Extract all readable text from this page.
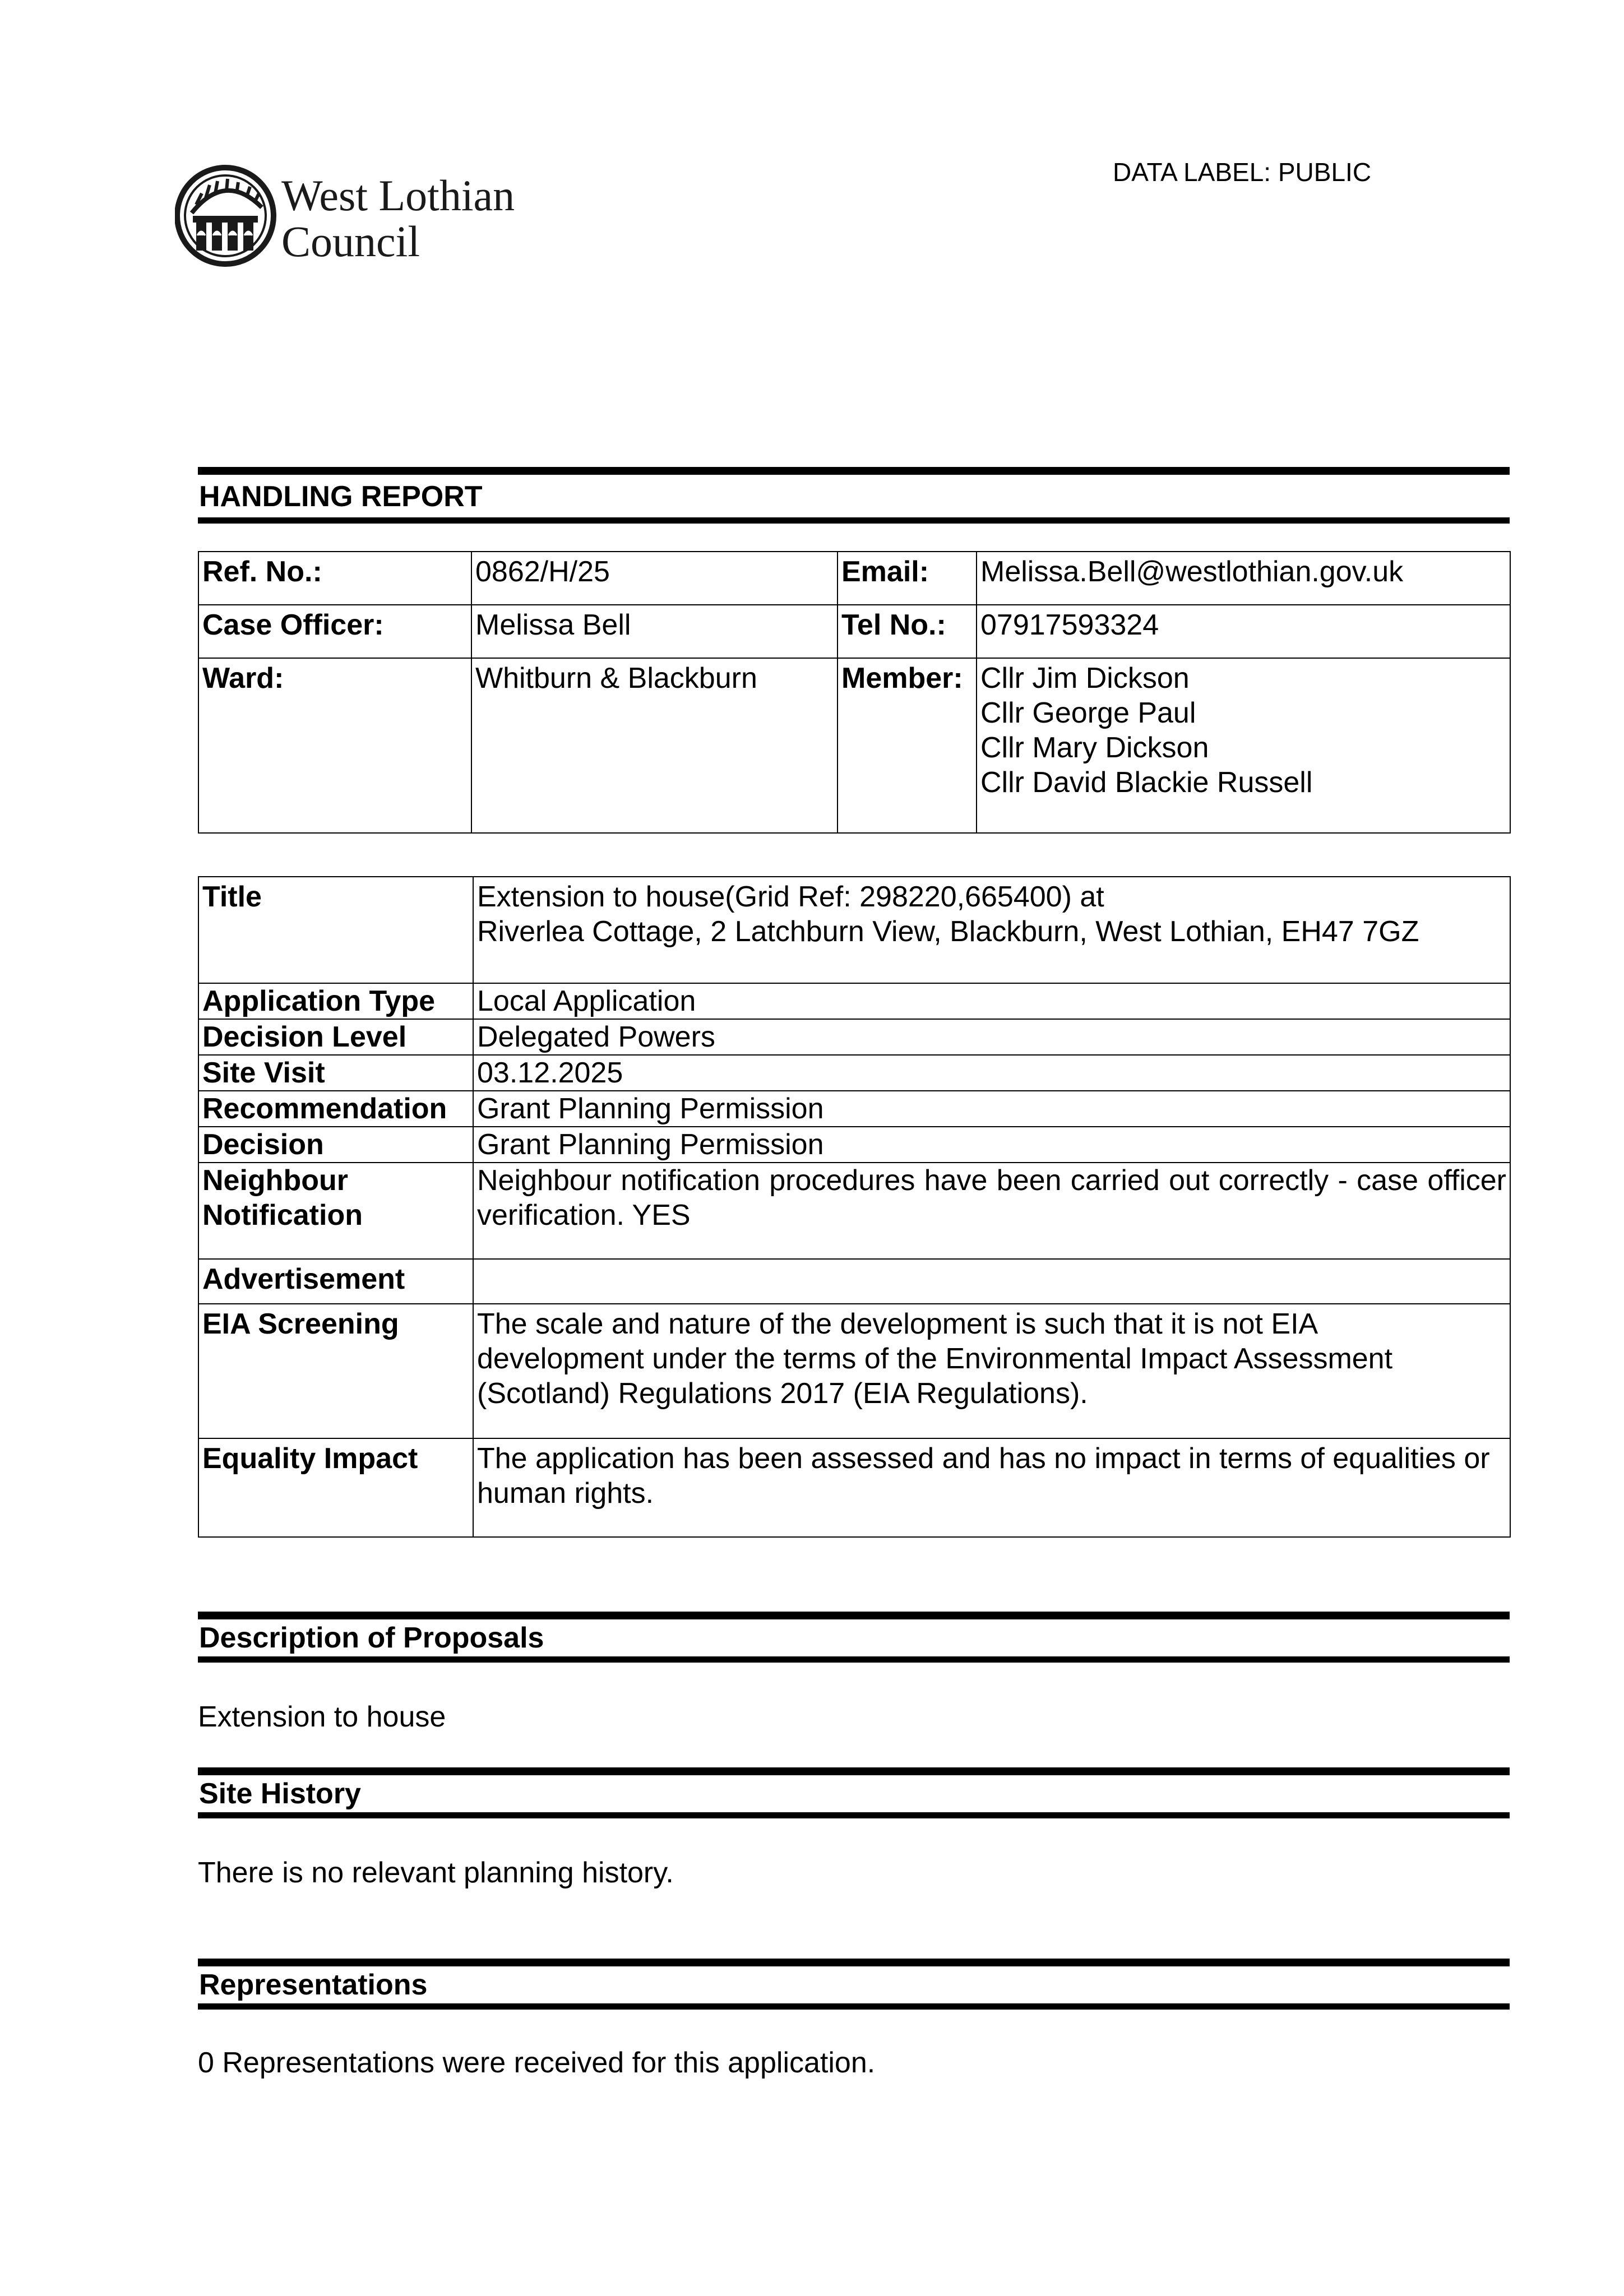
West Lothian
Council
DATA LABEL: PUBLIC
HANDLING REPORT
Ref. No.:	0862/H/25	Email:	Melissa.Bell@westlothian.gov.uk
Case Officer:	Melissa Bell	Tel No.:	07917593324
Ward:	Whitburn & Blackburn	Member:	Cllr Jim Dickson
Cllr George Paul
Cllr Mary Dickson
Cllr David Blackie Russell
Title	Extension to house(Grid Ref: 298220,665400) at
Riverlea Cottage, 2 Latchburn View, Blackburn, West Lothian, EH47 7GZ

Application Type	Local Application
Decision Level	Delegated Powers
Site Visit	03.12.2025
Recommendation	Grant Planning Permission
Decision	Grant Planning Permission

Neighbour
Notification	Neighbour notification procedures have been carried out correctly - case officer verification. YES
Advertisement	
EIA Screening	The scale and nature of the development is such that it is not EIA development under the terms of the Environmental Impact Assessment (Scotland) Regulations 2017 (EIA Regulations).
Equality Impact	The application has been assessed and has no impact in terms of equalities or human rights.
Description of Proposals
Extension to house
Site History
There is no relevant planning history.
Representations
0 Representations were received for this application.
